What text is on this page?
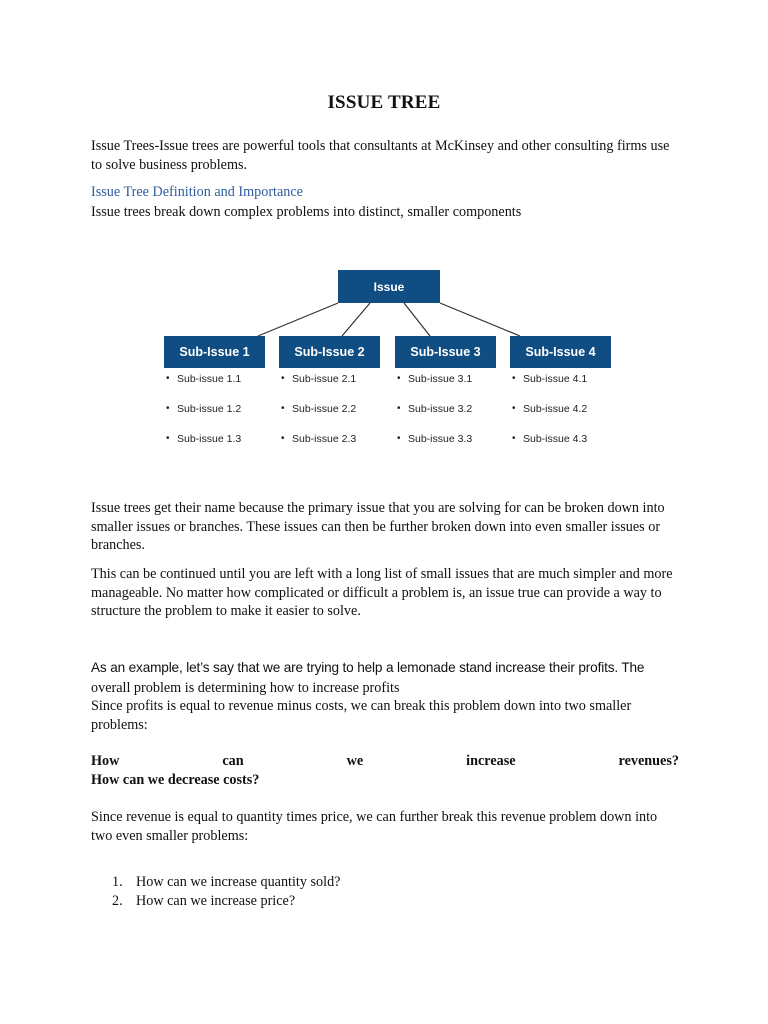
ISSUE TREE

Issue Trees-Issue trees are powerful tools that consultants at McKinsey and other consulting firms use to solve business problems.

Issue Tree Definition and Importance

Issue trees break down complex problems into distinct, smaller components

Issue
Sub-Issue 1	Sub-Issue 2	Sub-Issue 3	Sub-Issue 4
• Sub-issue 1.1
• Sub-issue 1.2
• Sub-issue 1.3
• Sub-issue 2.1
• Sub-issue 2.2
• Sub-issue 2.3
• Sub-issue 3.1
• Sub-issue 3.2
• Sub-issue 3.3
• Sub-issue 4.1
• Sub-issue 4.2
• Sub-issue 4.3

Issue trees get their name because the primary issue that you are solving for can be broken down into smaller issues or branches. These issues can then be further broken down into even smaller issues or branches.

This can be continued until you are left with a long list of small issues that are much simpler and more manageable. No matter how complicated or difficult a problem is, an issue true can provide a way to structure the problem to make it easier to solve.

As an example, let’s say that we are trying to help a lemonade stand increase their profits. The

overall problem is determining how to increase profits

Since profits is equal to revenue minus costs, we can break this problem down into two smaller problems:

How	can	we	increase	revenues?
How can we decrease costs?

Since revenue is equal to quantity times price, we can further break this revenue problem down into two even smaller problems:

1. How can we increase quantity sold?
2. How can we increase price?
